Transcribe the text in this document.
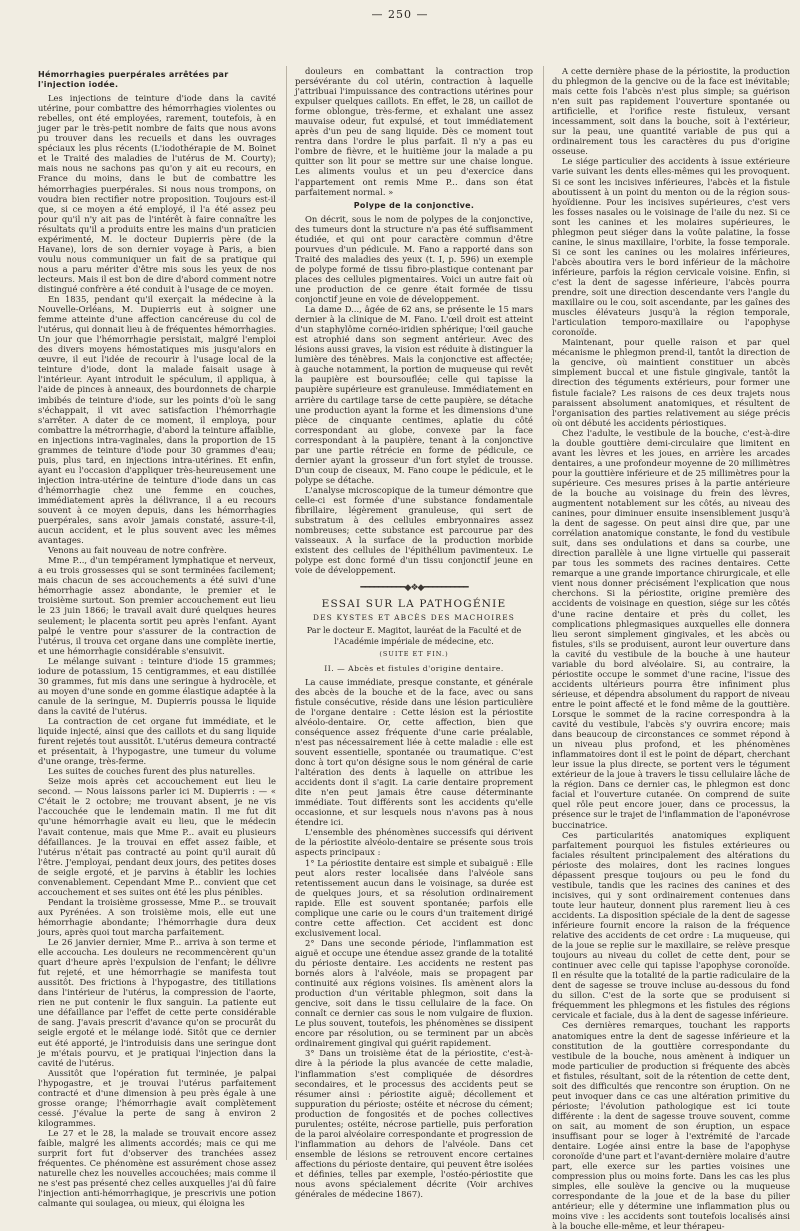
— 250 —
Hémorrhagies puerpérales arrêtées par l'injection iodée.

Les injections de teinture d'iode dans la cavité utérine, pour combattre des hémorrhagies violentes ou rebelles, ont été employées, rarement, toutefois, à en juger par le très-petit nombre de faits que nous avons pu trouver dans les recueils et dans les ouvrages spéciaux les plus récents (L'iodothérapie de M. Boinet et le Traité des maladies de l'utérus de M. Courty); mais nous ne sachons pas qu'on y ait eu recours, en France du moins, dans le but de combattre les hémorrhagies puerpérales. Si nous nous trompons, on voudra bien rectifier notre proposition. Toujours est-il que, si ce moyen a été employé, il l'a été assez peu pour qu'il n'y ait pas de l'intérêt à faire connaître les résultats qu'il a produits entre les mains d'un praticien expérimenté, M. le docteur Dupierris père (de la Havane), lors de son dernier voyage à Paris, a bien voulu nous communiquer un fait de sa pratique qui nous a paru mériter d'être mis sous les yeux de nos lecteurs. Mais il est bon de dire d'abord comment notre distingué confrère a été conduit à l'usage de ce moyen.

En 1835, pendant qu'il exerçait la médecine à la Nouvelle-Orléans, M. Dupierris eut à soigner une femme atteinte d'une affection cancéreuse du col de l'utérus, qui donnait lieu à de fréquentes hémorrhagies. Un jour que l'hémorrhagie persistait, malgré l'emploi des divers moyens hémostatiques mis jusqu'alors en œuvre, il eut l'idée de recourir à l'usage local de la teinture d'iode, dont la malade faisait usage à l'intérieur. Ayant introduit le spéculum, il appliqua, à l'aide de pinces à anneaux, des bourdonnets de charpie imbibés de teinture d'iode, sur les points d'où le sang s'échappait, il vit avec satisfaction l'hémorrhagie s'arrêter. A dater de ce moment, il employa, pour combattre la métrorrhagie, d'abord la teinture affaiblie, en injections intra-vaginales, dans la proportion de 15 grammes de teinture d'iode pour 30 grammes d'eau; puis, plus tard, en injections intra-utérines. Et enfin, ayant eu l'occasion d'appliquer très-heureusement une injection intra-utérine de teinture d'iode dans un cas d'hémorrhagie chez une femme en couches, immédiatement après la délivrance, il a eu recours souvent à ce moyen depuis, dans les hémorrhagies puerpérales, sans avoir jamais constaté, assure-t-il, aucun accident, et le plus souvent avec les mêmes avantages.

Venons au fait nouveau de notre confrère.

Mme P..., d'un tempérament lymphatique et nerveux, a eu trois grossesses qui se sont terminées facilement; mais chacun de ses accouchements a été suivi d'une hémorrhagie assez abondante, le premier et le troisième surtout. Son premier accouchement eut lieu le 23 juin 1866; le travail avait duré quelques heures seulement; le placenta sortit peu après l'enfant. Ayant palpé le ventre pour s'assurer de la contraction de l'utérus, il trouva cet organe dans une complète inertie, et une hémorrhagie considérable s'ensuivit.

Le mélange suivant : teinture d'iode 15 grammes; iodure de potassium, 15 centigrammes, et eau distillée 30 grammes, fut mis dans une seringue à hydrocèle, et au moyen d'une sonde en gomme élastique adaptée à la canule de la seringue, M. Dupierris poussa le liquide dans la cavité de l'utérus.

La contraction de cet organe fut immédiate, et le liquide injecté, ainsi que des caillots et du sang liquide furent rejetés tout aussitôt. L'utérus demeura contracté et présentait, à l'hypogastre, une tumeur du volume d'une orange, très-ferme.

Les suites de couches furent des plus naturelles.

Seize mois après cet accouchement eut lieu le second. — Nous laissons parler ici M. Dupierris : — « C'était le 2 octobre; me trouvant absent, je ne vis l'accouchée que le lendemain matin. Il me fut dit qu'une hémorrhagie avait eu lieu, que le médecin l'avait contenue, mais que Mme P... avait eu plusieurs défaillances. Je la trouvai en effet assez faible, et l'utérus n'était pas contracté au point qu'il aurait dû l'être. J'employai, pendant deux jours, des petites doses de seigle ergoté, et je parvins à établir les lochies convenablement. Cependant Mme P... convient que cet accouchement et ses suites ont été les plus pénibles.

Pendant la troisième grossesse, Mme P... se trouvait aux Pyrénées. A son troisième mois, elle eut une hémorrhagie abondante; l'hémorrhagie dura deux jours, après quoi tout marcha parfaitement.

Le 26 janvier dernier, Mme P... arriva à son terme et elle accoucha. Les douleurs ne recommencèrent qu'un quart d'heure après l'expulsion de l'enfant; le délivre fut rejeté, et une hémorrhagie se manifesta tout aussitôt. Des frictions à l'hypogastre, des titillations dans l'intérieur de l'utérus, la compression de l'aorte, rien ne put contenir le flux sanguin. La patiente eut une défaillance par l'effet de cette perte considérable de sang. J'avais prescrit d'avance qu'on se procurât du seigle ergoté et le mélange iodé. Sitôt que ce dernier eut été apporté, je l'introduisis dans une seringue dont je m'étais pourvu, et je pratiquai l'injection dans la cavité de l'utérus.

Aussitôt que l'opération fut terminée, je palpai l'hypogastre, et je trouvai l'utérus parfaitement contracté et d'une dimension à peu près égale à une grosse orange; l'hémorrhagie avait complètement cessé. J'évalue la perte de sang à environ 2 kilogrammes.

Le 27 et le 28, la malade se trouvait encore assez faible, malgré les aliments accordés; mais ce qui me surprit fort fut d'observer des tranchées assez fréquentes. Ce phénomène est assurément chose assez naturelle chez les nouvelles accouchées; mais comme il ne s'est pas présenté chez celles auxquelles j'ai dû faire l'injection anti-hémorrhagique, je prescrivis une potion calmante qui soulagea, ou mieux, qui éloigna les

douleurs en combattant la contraction trop persévérante du col utérin, contraction à laquelle j'attribuai l'impuissance des contractions utérines pour expulser quelques caillots. En effet, le 28, un caillot de forme oblongue, très-ferme, et exhalant une assez mauvaise odeur, fut expulsé, et tout immédiatement après d'un peu de sang liquide. Dès ce moment tout rentra dans l'ordre le plus parfait. Il n'y a pas eu l'ombre de fièvre, et le huitième jour la malade a pu quitter son lit pour se mettre sur une chaise longue. Les aliments voulus et un peu d'exercice dans l'appartement ont remis Mme P... dans son état parfaitement normal. »

Polype de la conjonctive.

On décrit, sous le nom de polypes de la conjonctive, des tumeurs dont la structure n'a pas été suffisamment étudiée, et qui ont pour caractère commun d'être pourvues d'un pédicule. M. Fano a rapporté dans son Traité des maladies des yeux (t. I, p. 596) un exemple de polype formé de tissu fibro-plastique contenant par places des cellules pigmentaires. Voici un autre fait où une production de ce genre était formée de tissu conjonctif jeune en voie de développement.

La dame D..., âgée de 62 ans, se présente le 15 mars dernier à la clinique de M. Fano. L'œil droit est atteint d'un staphylôme cornéo-iridien sphérique; l'œil gauche est atrophié dans son segment antérieur. Avec des lésions aussi graves, la vision est réduite à distinguer la lumière des ténèbres. Mais la conjonctive est affectée; à gauche notamment, la portion de muqueuse qui revêt la paupière est boursouflée; celle qui tapisse la paupière supérieure est granuleuse. Immédiatement en arrière du cartilage tarse de cette paupière, se détache une production ayant la forme et les dimensions d'une pièce de cinquante centimes, aplatie du côté correspondant au globe, convexe par la face correspondant à la paupière, tenant à la conjonctive par une partie rétrécie en forme de pédicule, ce dernier ayant la grosseur d'un fort stylet de trousse. D'un coup de ciseaux, M. Fano coupe le pédicule, et le polype se détache.

L'analyse microscopique de la tumeur démontre que celle-ci est formée d'une substance fondamentale fibrillaire, légèrement granuleuse, qui sert de substratum à des cellules embryonnaires assez nombreuses; cette substance est parcourue par des vaisseaux. A la surface de la production morbide existent des cellules de l'épithélium pavimenteux. Le polype est donc formé d'un tissu conjonctif jeune en voie de développement.

━━━━━━━━━━◆❖◆━━━━━━━━━━
ESSAI SUR LA PATHOGÉNIE
DES KYSTES ET ABCÈS DES MACHOIRES
Par le docteur E. Magitot, lauréat de la Faculté et de l'Académie impériale de médecine, etc.
(SUITE ET FIN.)
II. — Abcès et fistules d'origine dentaire.

La cause immédiate, presque constante, et générale des abcès de la bouche et de la face, avec ou sans fistule consécutive, réside dans une lésion particulière de l'organe dentaire : Cette lésion est la périostite alvéolo-dentaire. Or, cette affection, bien que conséquence assez fréquente d'une carie préalable, n'est pas nécessairement liée à cette maladie : elle est souvent essentielle, spontanée ou traumatique. C'est donc à tort qu'on désigne sous le nom général de carie l'altération des dents à laquelle on attribue les accidents dont il s'agit. La carie dentaire proprement dite n'en peut jamais être cause déterminante immédiate. Tout différents sont les accidents qu'elle occasionne, et sur lesquels nous n'avons pas à nous étendre ici.

L'ensemble des phénomènes successifs qui dérivent de la périostite alvéolo-dentaire se présente sous trois aspects principaux :

1° La périostite dentaire est simple et subaiguë : Elle peut alors rester localisée dans l'alvéole sans retentissement aucun dans le voisinage, sa durée est de quelques jours, et sa résolution ordinairement rapide. Elle est souvent spontanée; parfois elle complique une carie ou le cours d'un traitement dirigé contre cette affection. Cet accident est donc exclusivement local.

2° Dans une seconde période, l'inflammation est aiguë et occupe une étendue assez grande de la totalité du périoste dentaire. Les accidents ne restent pas bornés alors à l'alvéole, mais se propagent par continuité aux régions voisines. Ils amènent alors la production d'un véritable phlegmon, soit dans la gencive, soit dans le tissu cellulaire de la face. On connaît ce dernier cas sous le nom vulgaire de fluxion. Le plus souvent, toutefois, les phénomènes se dissipent encore par résolution, ou se terminent par un abcès ordinairement gingival qui guérit rapidement.

3° Dans un troisième état de la périostite, c'est-à-dire à la période la plus avancée de cette maladie, l'inflammation s'est compliquée de désordres secondaires, et le processus des accidents peut se résumer ainsi : périostite aiguë; décollement et suppuration du périoste; ostéite et nécrose du cément; production de fongosités et de poches collectives purulentes; ostéite, nécrose partielle, puis perforation de la paroi alvéolaire correspondante et progression de l'inflammation au dehors de l'alvéole. Dans cet ensemble de lésions se retrouvent encore certaines affections du périoste dentaire, qui peuvent être isolées et définies, telles par exemple, l'ostéo-périostite que nous avons spécialement décrite (Voir archives générales de médecine 1867).

A cette dernière phase de la périostite, la production du phlegmon de la gencive ou de la face est inévitable; mais cette fois l'abcès n'est plus simple; sa guérison n'en suit pas rapidement l'ouverture spontanée ou artificielle, et l'orifice reste fistuleux, versant incessamment, soit dans la bouche, soit à l'extérieur, sur la peau, une quantité variable de pus qui a ordinairement tous les caractères du pus d'origine osseuse.

Le siége particulier des accidents à issue extérieure varie suivant les dents elles-mêmes qui les provoquent. Si ce sont les incisives inférieures, l'abcès et la fistule aboutissent à un point du menton ou de la région sous-hyoïdienne. Pour les incisives supérieures, c'est vers les fosses nasales ou le voisinage de l'aile du nez. Si ce sont les canines et les molaires supérieures, le phlegmon peut siéger dans la voûte palatine, la fosse canine, le sinus maxillaire, l'orbite, la fosse temporale. Si ce sont les canines ou les molaires inférieures, l'abcès aboutira vers le bord inférieur de la mâchoire inférieure, parfois la région cervicale voisine. Enfin, si c'est la dent de sagesse inférieure, l'abcès pourra prendre, soit une direction descendante vers l'angle du maxillaire ou le cou, soit ascendante, par les gaînes des muscles élévateurs jusqu'à la région temporale, l'articulation temporo-maxillaire ou l'apophyse coronoïde.

Maintenant, pour quelle raison et par quel mécanisme le phlegmon prend-il, tantôt la direction de la gencive, où maintient constituer un abcès simplement buccal et une fistule gingivale, tantôt la direction des téguments extérieurs, pour former une fistule faciale? Les raisons de ces deux trajets nous paraissent absolument anatomiques, et résultent de l'organisation des parties relativement au siége précis où ont débuté les accidents périostiques.

Chez l'adulte, le vestibule de la bouche, c'est-à-dire la double gouttière demi-circulaire que limitent en avant les lèvres et les joues, en arrière les arcades dentaires, a une profondeur moyenne de 20 millimètres pour la gouttière inférieure et de 25 millimètres pour la supérieure. Ces mesures prises à la partie antérieure de la bouche au voisinage du frein des lèvres, augmentent notablement sur les côtés, au niveau des canines, pour diminuer ensuite insensiblement jusqu'à la dent de sagesse. On peut ainsi dire que, par une corrélation anatomique constante, le fond du vestibule suit, dans ses ondulations et dans sa courbe, une direction parallèle à une ligne virtuelle qui passerait par tous les sommets des racines dentaires. Cette remarque a une grande importance chirurgicale, et elle vient nous donner précisément l'explication que nous cherchons. Si la périostite, origine première des accidents de voisinage en question, siége sur les côtés d'une racine dentaire et près du collet, les complications phlegmasiques auxquelles elle donnera lieu seront simplement gingivales, et les abcès ou fistules, s'ils se produisent, auront leur ouverture dans la cavité du vestibule de la bouche à une hauteur variable du bord alvéolaire. Si, au contraire, la périostite occupe le sommet d'une racine, l'issue des accidents ultérieurs pourra être infiniment plus sérieuse, et dépendra absolument du rapport de niveau entre le point affecté et le fond même de la gouttière. Lorsque le sommet de la racine correspondra à la cavité du vestibule, l'abcès s'y ouvrira encore; mais dans beaucoup de circonstances ce sommet répond à un niveau plus profond, et les phénomènes inflammatoires dont il est le point de départ, cherchant leur issue la plus directe, se portent vers le tégument extérieur de la joue à travers le tissu cellulaire lâche de la région. Dans ce dernier cas, le phlegmon est donc facial et l'ouverture cutanée. On comprend de suite quel rôle peut encore jouer, dans ce processus, la présence sur le trajet de l'inflammation de l'aponévrose buccinatrice.

Ces particularités anatomiques expliquent parfaitement pourquoi les fistules extérieures ou faciales résultent principalement des altérations du périoste des molaires, dont les racines longues dépassent presque toujours ou peu le fond du vestibule, tandis que les racines des canines et des incisives, qui y sont ordinairement contenues dans toute leur hauteur, donnent plus rarement lieu à ces accidents. La disposition spéciale de la dent de sagesse inférieure fournit encore la raison de la fréquence relative des accidents de cet ordre : La muqueuse, qui de la joue se replie sur le maxillaire, se relève presque toujours au niveau du collet de cette dent, pour se continuer avec celle qui tapisse l'apophyse coronoïde. Il en résulte que la totalité de la partie radiculaire de la dent de sagesse se trouve incluse au-dessous du fond du sillon. C'est de la sorte que se produisent si fréquemment les phlegmons et les fistules des régions cervicale et faciale, dus à la dent de sagesse inférieure.

Ces dernières remarques, touchant les rapports anatomiques entre la dent de sagesse inférieure et la constitution de la gouttière correspondante du vestibule de la bouche, nous amènent à indiquer un mode particulier de production si fréquente des abcès et fistules, résultant, soit de la rétention de cette dent, soit des difficultés que rencontre son éruption. On ne peut invoquer dans ce cas une altération primitive du périoste; l'évolution pathologique est ici toute différente : la dent de sagesse trouve souvent, comme on sait, au moment de son éruption, un espace insuffisant pour se loger à l'extrémité de l'arcade dentaire. Logée ainsi entre la base de l'apophyse coronoïde d'une part et l'avant-dernière molaire d'autre part, elle exerce sur les parties voisines une compression plus ou moins forte. Dans les cas les plus simples, elle soulève la gencive ou la muqueuse correspondante de la joue et de la base du pilier antérieur; elle y détermine une inflammation plus ou moins vive : les accidents sont toutefois localisés ainsi à la bouche elle-même, et leur thérapeu-
